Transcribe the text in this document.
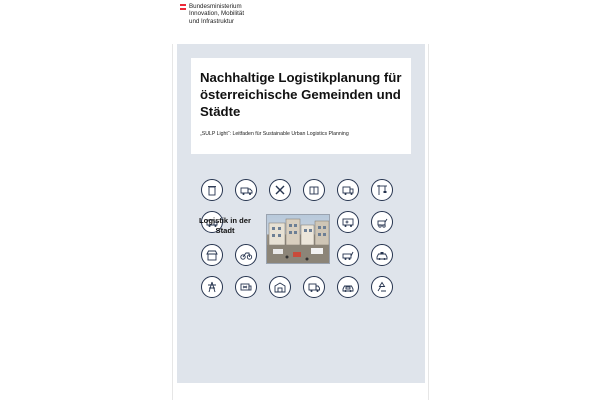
Bundesministerium
Innovation, Mobilität
und Infrastruktur
Nachhaltige Logistikplanung für österreichische Gemeinden und Städte
„SULP Light“: Leitfaden für Sustainable Urban Logistics Planning
Logistik in der Stadt
